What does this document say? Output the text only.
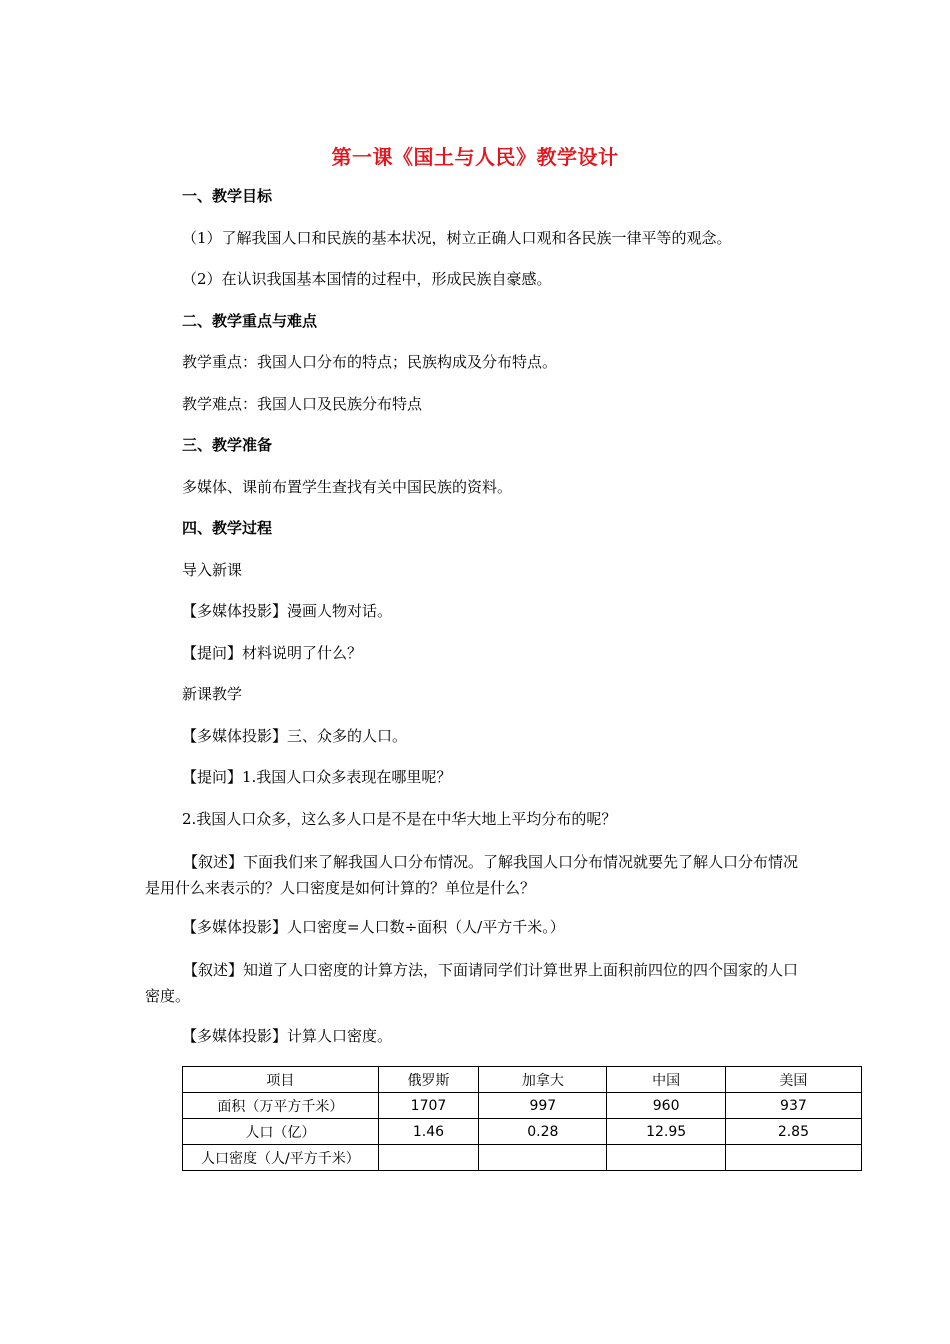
第一课《国土与人民》教学设计
一、教学目标
（1）了解我国人口和民族的基本状况，树立正确人口观和各民族一律平等的观念。
（2）在认识我国基本国情的过程中，形成民族自豪感。
二、教学重点与难点
教学重点：我国人口分布的特点；民族构成及分布特点。
教学难点：我国人口及民族分布特点
三、教学准备
多媒体、课前布置学生查找有关中国民族的资料。
四、教学过程
导入新课
【多媒体投影】漫画人物对话。
【提问】材料说明了什么？
新课教学
【多媒体投影】三、众多的人口。
【提问】1.我国人口众多表现在哪里呢？
2.我国人口众多，这么多人口是不是在中华大地上平均分布的呢？
【叙述】下面我们来了解我国人口分布情况。了解我国人口分布情况就要先了解人口分布情况是用什么来表示的？人口密度是如何计算的？单位是什么？
【多媒体投影】人口密度=人口数÷面积（人/平方千米。）
【叙述】知道了人口密度的计算方法，下面请同学们计算世界上面积前四位的四个国家的人口密度。
【多媒体投影】计算人口密度。
项目	俄罗斯	加拿大	中国	美国
面积（万平方千米）	1707	997	960	937
人口（亿）	1.46	0.28	12.95	2.85
人口密度（人/平方千米）				
